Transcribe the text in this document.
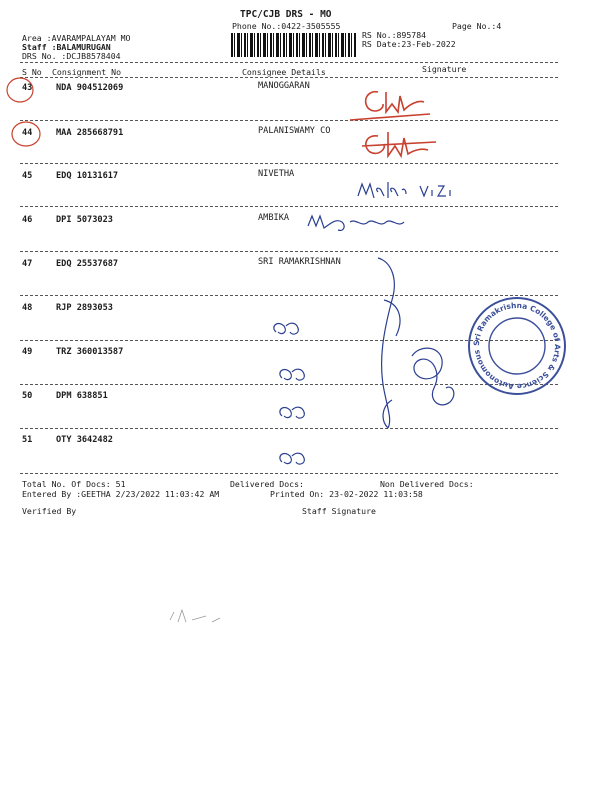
TPC/CJB DRS - MO
Phone No.:0422-3505555	Page No.:4
Area :AVARAMPALAYAM MO
Staff :BALAMURUGAN
DRS No. :DCJB8578404
RS No.:895784
RS Date:23-Feb-2022
S No Consignment No	Consignee Details	Signature
43	NDA 904512069	MANOGGARAN
44	MAA 285668791	PALANISWAMY CO
45	EDQ 10131617	NIVETHA
46	DPI 5073023	AMBIKA
47	EDQ 25537687	SRI RAMAKRISHNAN
48	RJP 2893053
49	TRZ 360013587
50	DPM 638851
51	OTY 3642482
Total No. Of Docs: 51	Delivered Docs:	Non Delivered Docs:
Entered By :GEETHA 2/23/2022 11:03:42 AM	Printed On: 23-02-2022 11:03:58
Verified By	Staff Signature
Sri Ramakrishna College of Arts & Science Autonomous Coimbatore
